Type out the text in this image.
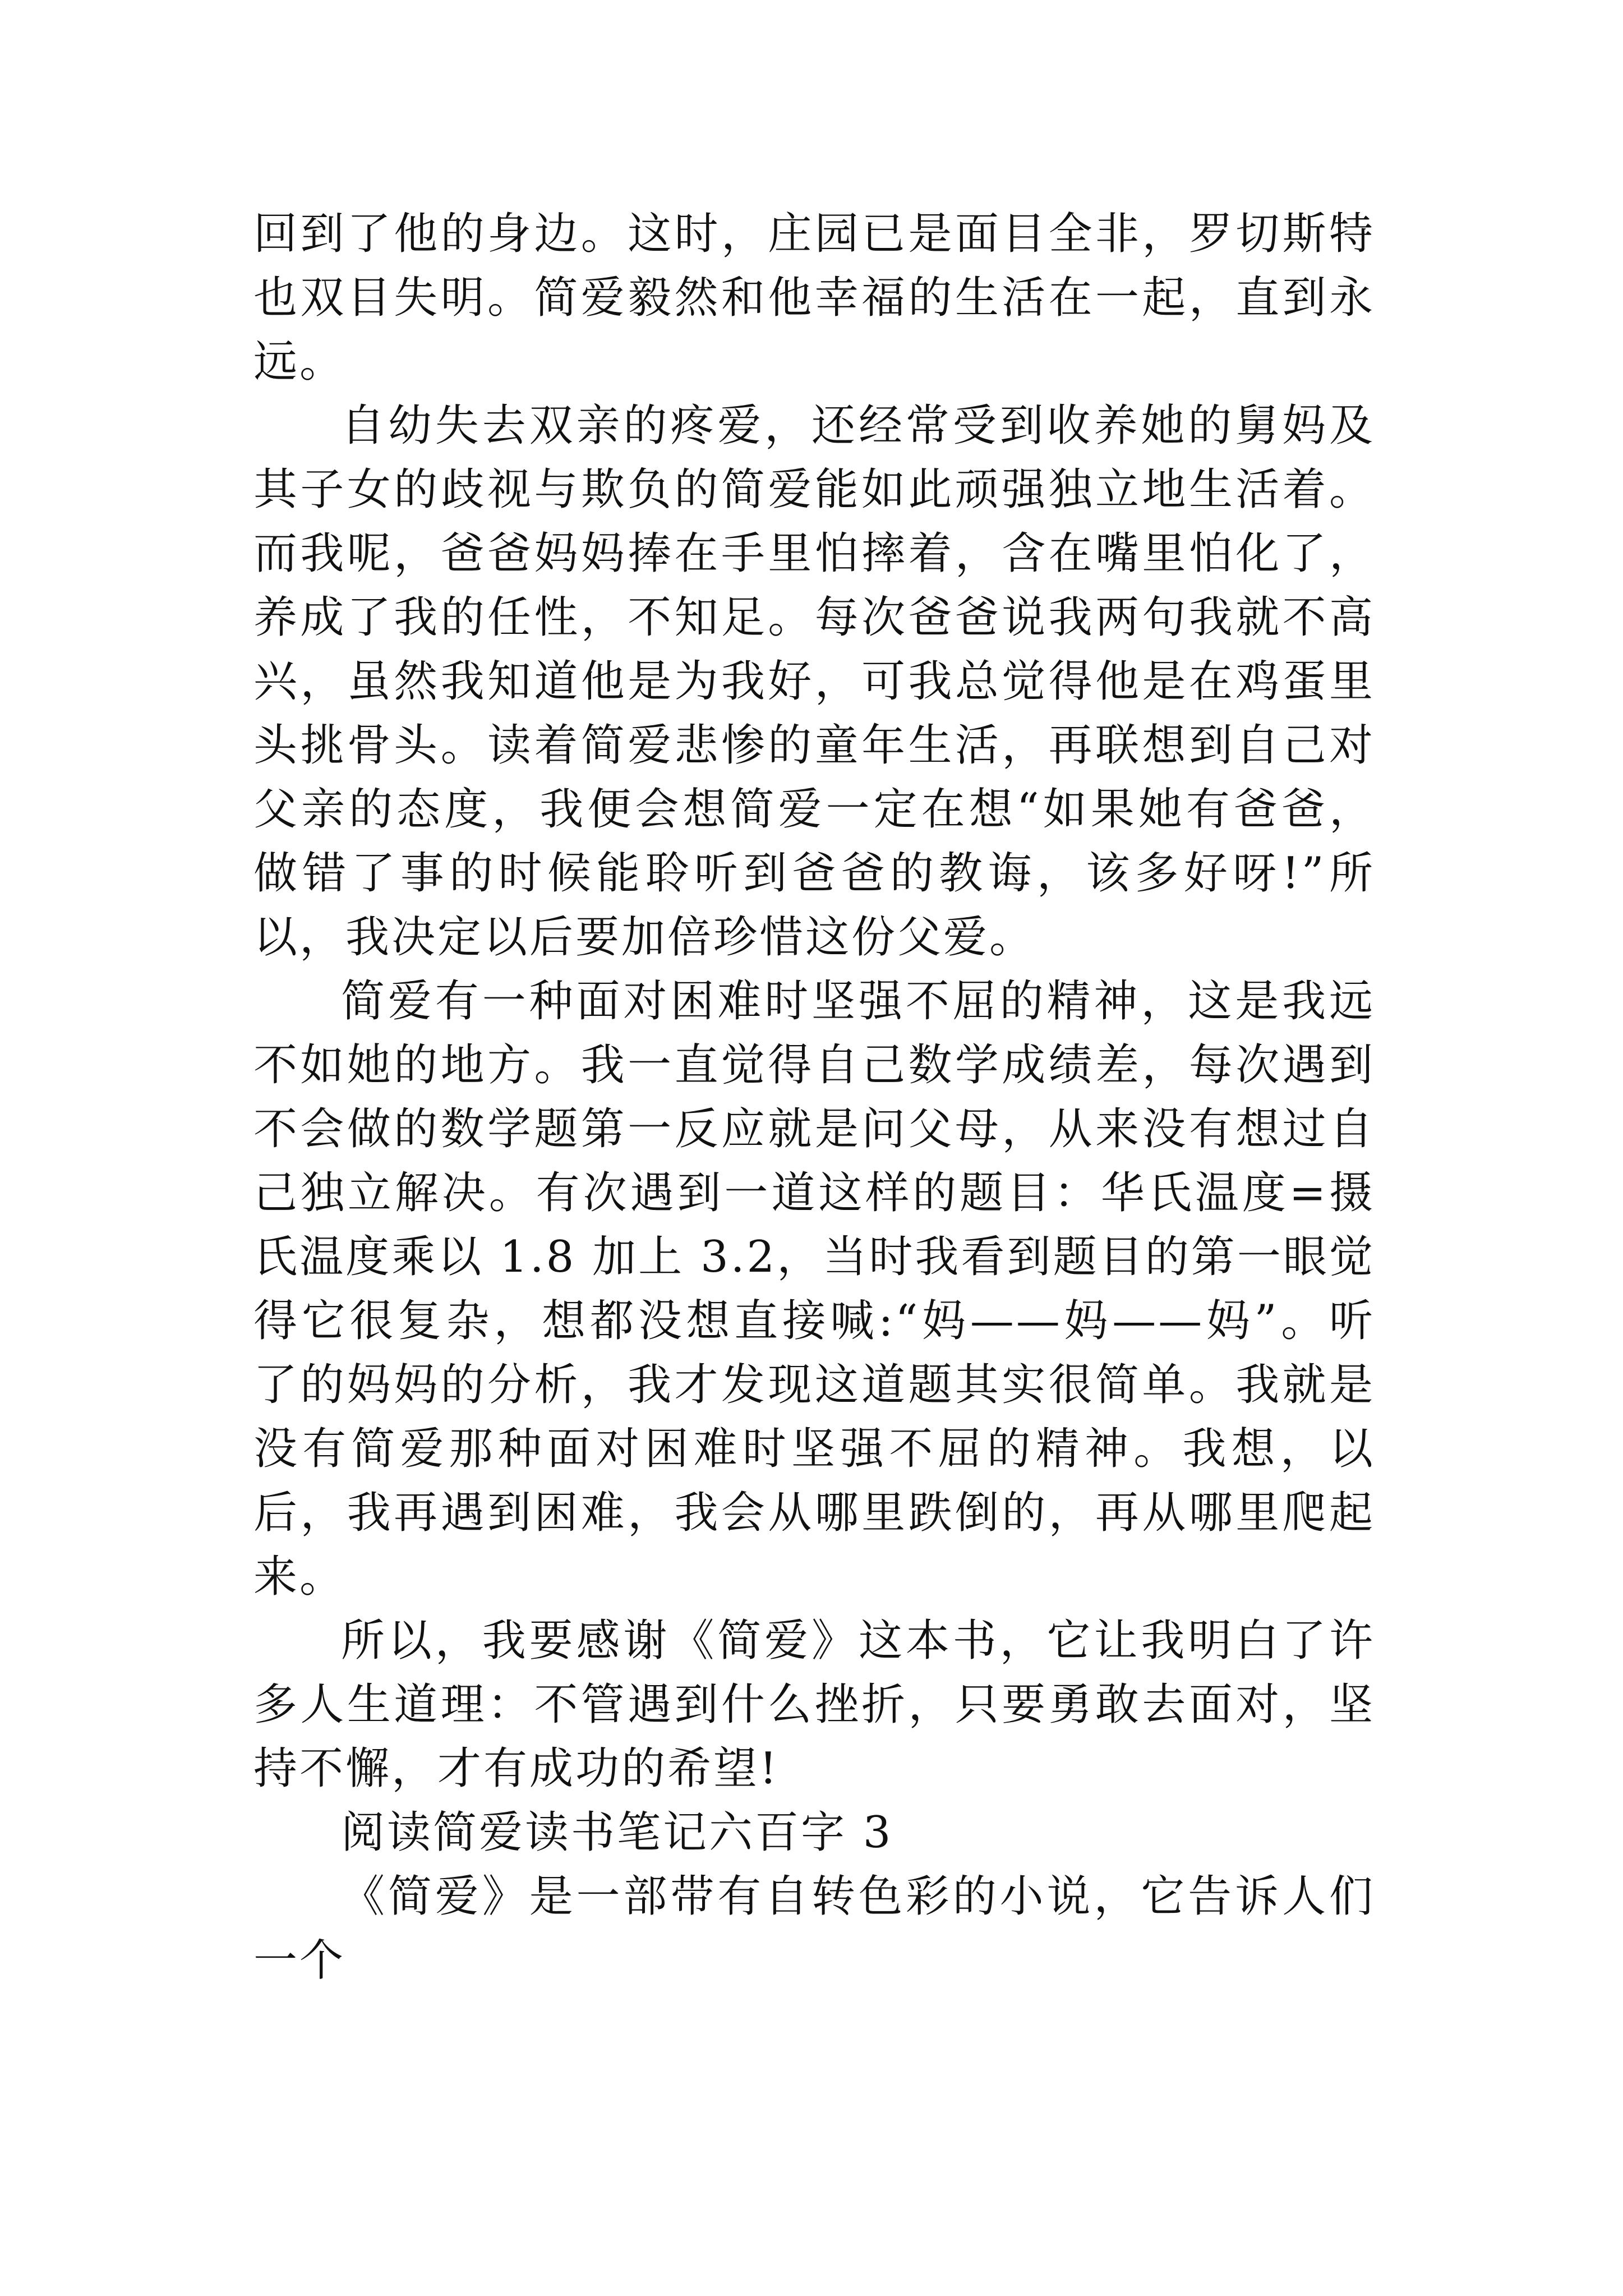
回到了他的身边。这时，庄园已是面目全非，罗切斯特也双目失明。简爱毅然和他幸福的生活在一起，直到永远。

自幼失去双亲的疼爱，还经常受到收养她的舅妈及其子女的歧视与欺负的简爱能如此顽强独立地生活着。而我呢，爸爸妈妈捧在手里怕摔着，含在嘴里怕化了，养成了我的任性，不知足。每次爸爸说我两句我就不高兴，虽然我知道他是为我好，可我总觉得他是在鸡蛋里头挑骨头。读着简爱悲惨的童年生活，再联想到自己对父亲的态度，我便会想简爱一定在想“如果她有爸爸，做错了事的时候能聆听到爸爸的教诲，该多好呀!”所以，我决定以后要加倍珍惜这份父爱。

简爱有一种面对困难时坚强不屈的精神，这是我远不如她的地方。我一直觉得自己数学成绩差，每次遇到不会做的数学题第一反应就是问父母，从来没有想过自己独立解决。有次遇到一道这样的题目：华氏温度=摄氏温度乘以 1.8 加上 3.2，当时我看到题目的第一眼觉得它很复杂，想都没想直接喊:“妈——妈——妈”。听了的妈妈的分析，我才发现这道题其实很简单。我就是没有简爱那种面对困难时坚强不屈的精神。我想，以后，我再遇到困难，我会从哪里跌倒的，再从哪里爬起来。

所以，我要感谢《简爱》这本书，它让我明白了许多人生道理：不管遇到什么挫折，只要勇敢去面对，坚持不懈，才有成功的希望!

阅读简爱读书笔记六百字 3

《简爱》是一部带有自转色彩的小说，它告诉人们一个
